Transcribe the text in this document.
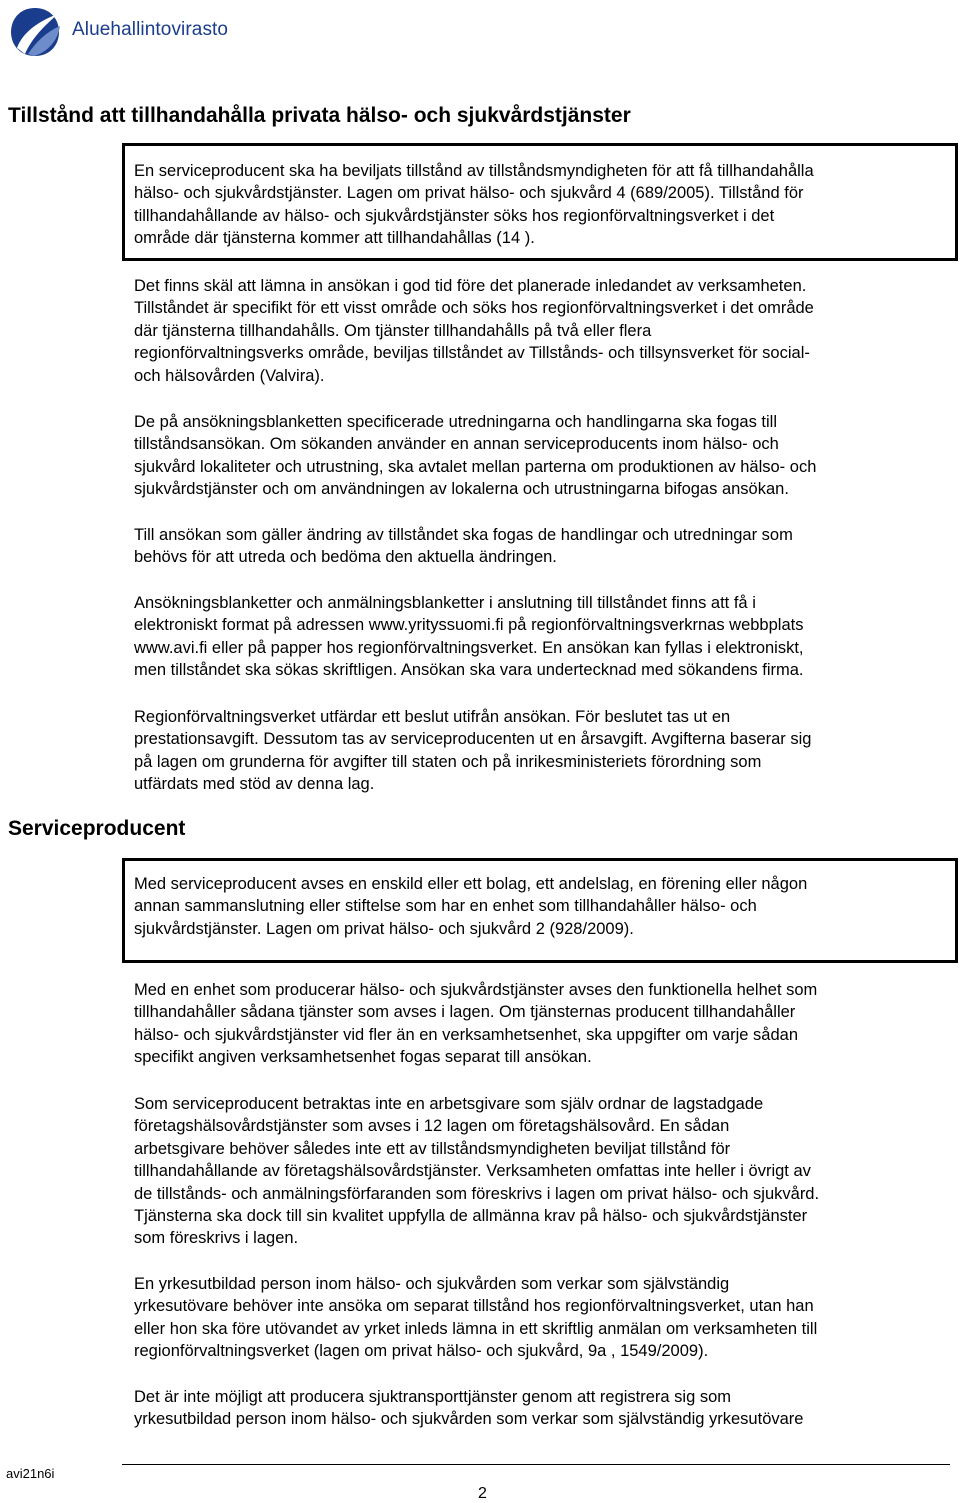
Aluehallintovirasto
Tillstånd att tillhandahålla privata hälso- och sjukvårdstjänster

En serviceproducent ska ha beviljats tillstånd av tillståndsmyndigheten för att få tillhandahålla

hälso- och sjukvårdstjänster. Lagen om privat hälso- och sjukvård 4 (689/2005). Tillstånd för

tillhandahållande av hälso- och sjukvårdstjänster söks hos regionförvaltningsverket i det

område där tjänsterna kommer att tillhandahållas (14 ).

Det finns skäl att lämna in ansökan i god tid före det planerade inledandet av verksamheten.

Tillståndet är specifikt för ett visst område och söks hos regionförvaltningsverket i det område

där tjänsterna tillhandahålls. Om tjänster tillhandahålls på två eller flera

regionförvaltningsverks område, beviljas tillståndet av Tillstånds- och tillsynsverket för social-

och hälsovården (Valvira).

De på ansökningsblanketten specificerade utredningarna och handlingarna ska fogas till

tillståndsansökan. Om sökanden använder en annan serviceproducents inom hälso- och

sjukvård lokaliteter och utrustning, ska avtalet mellan parterna om produktionen av hälso- och

sjukvårdstjänster och om användningen av lokalerna och utrustningarna bifogas ansökan.

Till ansökan som gäller ändring av tillståndet ska fogas de handlingar och utredningar som

behövs för att utreda och bedöma den aktuella ändringen.

Ansökningsblanketter och anmälningsblanketter i anslutning till tillståndet finns att få i

elektroniskt format på adressen www.yrityssuomi.fi på regionförvaltningsverkrnas webbplats

www.avi.fi eller på papper hos regionförvaltningsverket. En ansökan kan fyllas i elektroniskt,

men tillståndet ska sökas skriftligen. Ansökan ska vara undertecknad med sökandens firma.

Regionförvaltningsverket utfärdar ett beslut utifrån ansökan. För beslutet tas ut en

prestationsavgift. Dessutom tas av serviceproducenten ut en årsavgift. Avgifterna baserar sig

på lagen om grunderna för avgifter till staten och på inrikesministeriets förordning som

utfärdats med stöd av denna lag.

Serviceproducent

Med serviceproducent avses en enskild eller ett bolag, ett andelslag, en förening eller någon

annan sammanslutning eller stiftelse som har en enhet som tillhandahåller hälso- och

sjukvårdstjänster. Lagen om privat hälso- och sjukvård 2 (928/2009).

Med en enhet som producerar hälso- och sjukvårdstjänster avses den funktionella helhet som

tillhandahåller sådana tjänster som avses i lagen. Om tjänsternas producent tillhandahåller

hälso- och sjukvårdstjänster vid fler än en verksamhetsenhet, ska uppgifter om varje sådan

specifikt angiven verksamhetsenhet fogas separat till ansökan.

Som serviceproducent betraktas inte en arbetsgivare som själv ordnar de lagstadgade

företagshälsovårdstjänster som avses i 12 lagen om företagshälsovård. En sådan

arbetsgivare behöver således inte ett av tillståndsmyndigheten beviljat tillstånd för

tillhandahållande av företagshälsovårdstjänster. Verksamheten omfattas inte heller i övrigt av

de tillstånds- och anmälningsförfaranden som föreskrivs i lagen om privat hälso- och sjukvård.

Tjänsterna ska dock till sin kvalitet uppfylla de allmänna krav på hälso- och sjukvårdstjänster

som föreskrivs i lagen.

En yrkesutbildad person inom hälso- och sjukvården som verkar som självständig

yrkesutövare behöver inte ansöka om separat tillstånd hos regionförvaltningsverket, utan han

eller hon ska före utövandet av yrket inleds lämna in ett skriftlig anmälan om verksamheten till

regionförvaltningsverket (lagen om privat hälso- och sjukvård, 9a , 1549/2009).

Det är inte möjligt att producera sjuktransporttjänster genom att registrera sig som

yrkesutbildad person inom hälso- och sjukvården som verkar som självständig yrkesutövare

avi21n6i
2
